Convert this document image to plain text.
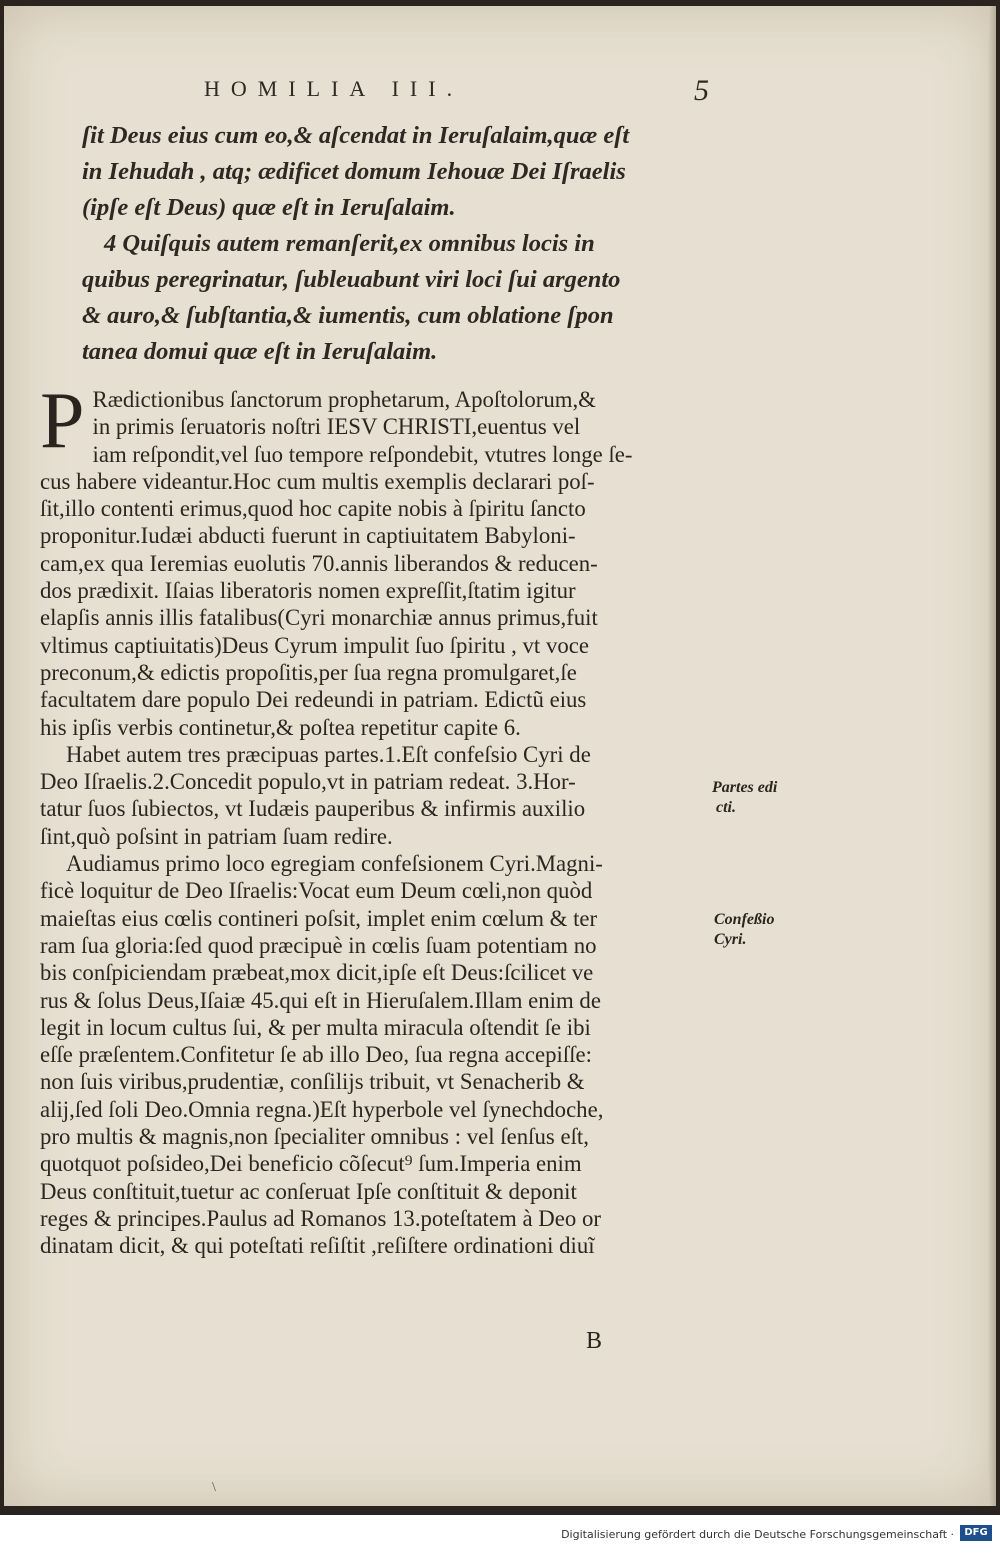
HOMILIA III.	5

ſit Deus eius cum eo,& aſcendat in Ieruſalaim,quæ eſt

in Iehudah , atq; ædificet domum Iehouæ Dei Iſraelis

(ipſe eſt Deus) quæ eſt in Ieruſalaim.

4 Quiſquis autem remanſerit,ex omnibus locis in

quibus peregrinatur, ſubleuabunt viri loci ſui argento

& auro,& ſubſtantia,& iumentis, cum oblatione ſpon

tanea domui quæ eſt in Ieruſalaim.

P Rædictionibus ſanctorum prophetarum, Apoſtolorum,&

in primis ſeruatoris noſtri IESV CHRISTI,euentus vel

iam reſpondit,vel ſuo tempore reſpondebit, vtutres longe ſe-

cus habere videantur.Hoc cum multis exemplis declarari poſ-

ſit,illo contenti erimus,quod hoc capite nobis à ſpiritu ſancto

proponitur.Iudæi abducti fuerunt in captiuitatem Babyloni-

cam,ex qua Ieremias euolutis 70.annis liberandos & reducen-

dos prædixit. Iſaias liberatoris nomen expreſſit,ſtatim igitur

elapſis annis illis fatalibus(Cyri monarchiæ annus primus,fuit

vltimus captiuitatis)Deus Cyrum impulit ſuo ſpiritu , vt voce

preconum,& edictis propoſitis,per ſua regna promulgaret,ſe

facultatem dare populo Dei redeundi in patriam. Edictũ eius

his ipſis verbis continetur,& poſtea repetitur capite 6.

Habet autem tres præcipuas partes.1.Eſt confeſsio Cyri de

Deo Iſraelis.2.Concedit populo,vt in patriam redeat. 3.Hor-

tatur ſuos ſubiectos, vt Iudæis pauperibus & infirmis auxilio

ſint,quò poſsint in patriam ſuam redire.

Audiamus primo loco egregiam confeſsionem Cyri.Magni-

ficè loquitur de Deo Iſraelis:Vocat eum Deum cœli,non quòd

maieſtas eius cœlis contineri poſsit, implet enim cœlum & ter

ram ſua gloria:ſed quod præcipuè in cœlis ſuam potentiam no

bis conſpiciendam præbeat,mox dicit,ipſe eſt Deus:ſcilicet ve

rus & ſolus Deus,Iſaiæ 45.qui eſt in Hieruſalem.Illam enim de

legit in locum cultus ſui, & per multa miracula oſtendit ſe ibi

eſſe præſentem.Confitetur ſe ab illo Deo, ſua regna accepiſſe:

non ſuis viribus,prudentiæ, conſilijs tribuit, vt Senacherib &

alij,ſed ſoli Deo.Omnia regna.)Eſt hyperbole vel ſynechdoche,

pro multis & magnis,non ſpecialiter omnibus : vel ſenſus eſt,

quotquot poſsideo,Dei beneficio cõſecut⁹ ſum.Imperia enim

Deus conſtituit,tuetur ac conſeruat Ipſe conſtituit & deponit

reges & principes.Paulus ad Romanos 13.poteſtatem à Deo or

dinatam dicit, & qui poteſtati reſiſtit ,reſiſtere ordinationi diuĩ

Partes edi
cti.
Confeßio
Cyri.
B
\
Digitalisierung gefördert durch die Deutsche Forschungsgemeinschaft ·	DFG
